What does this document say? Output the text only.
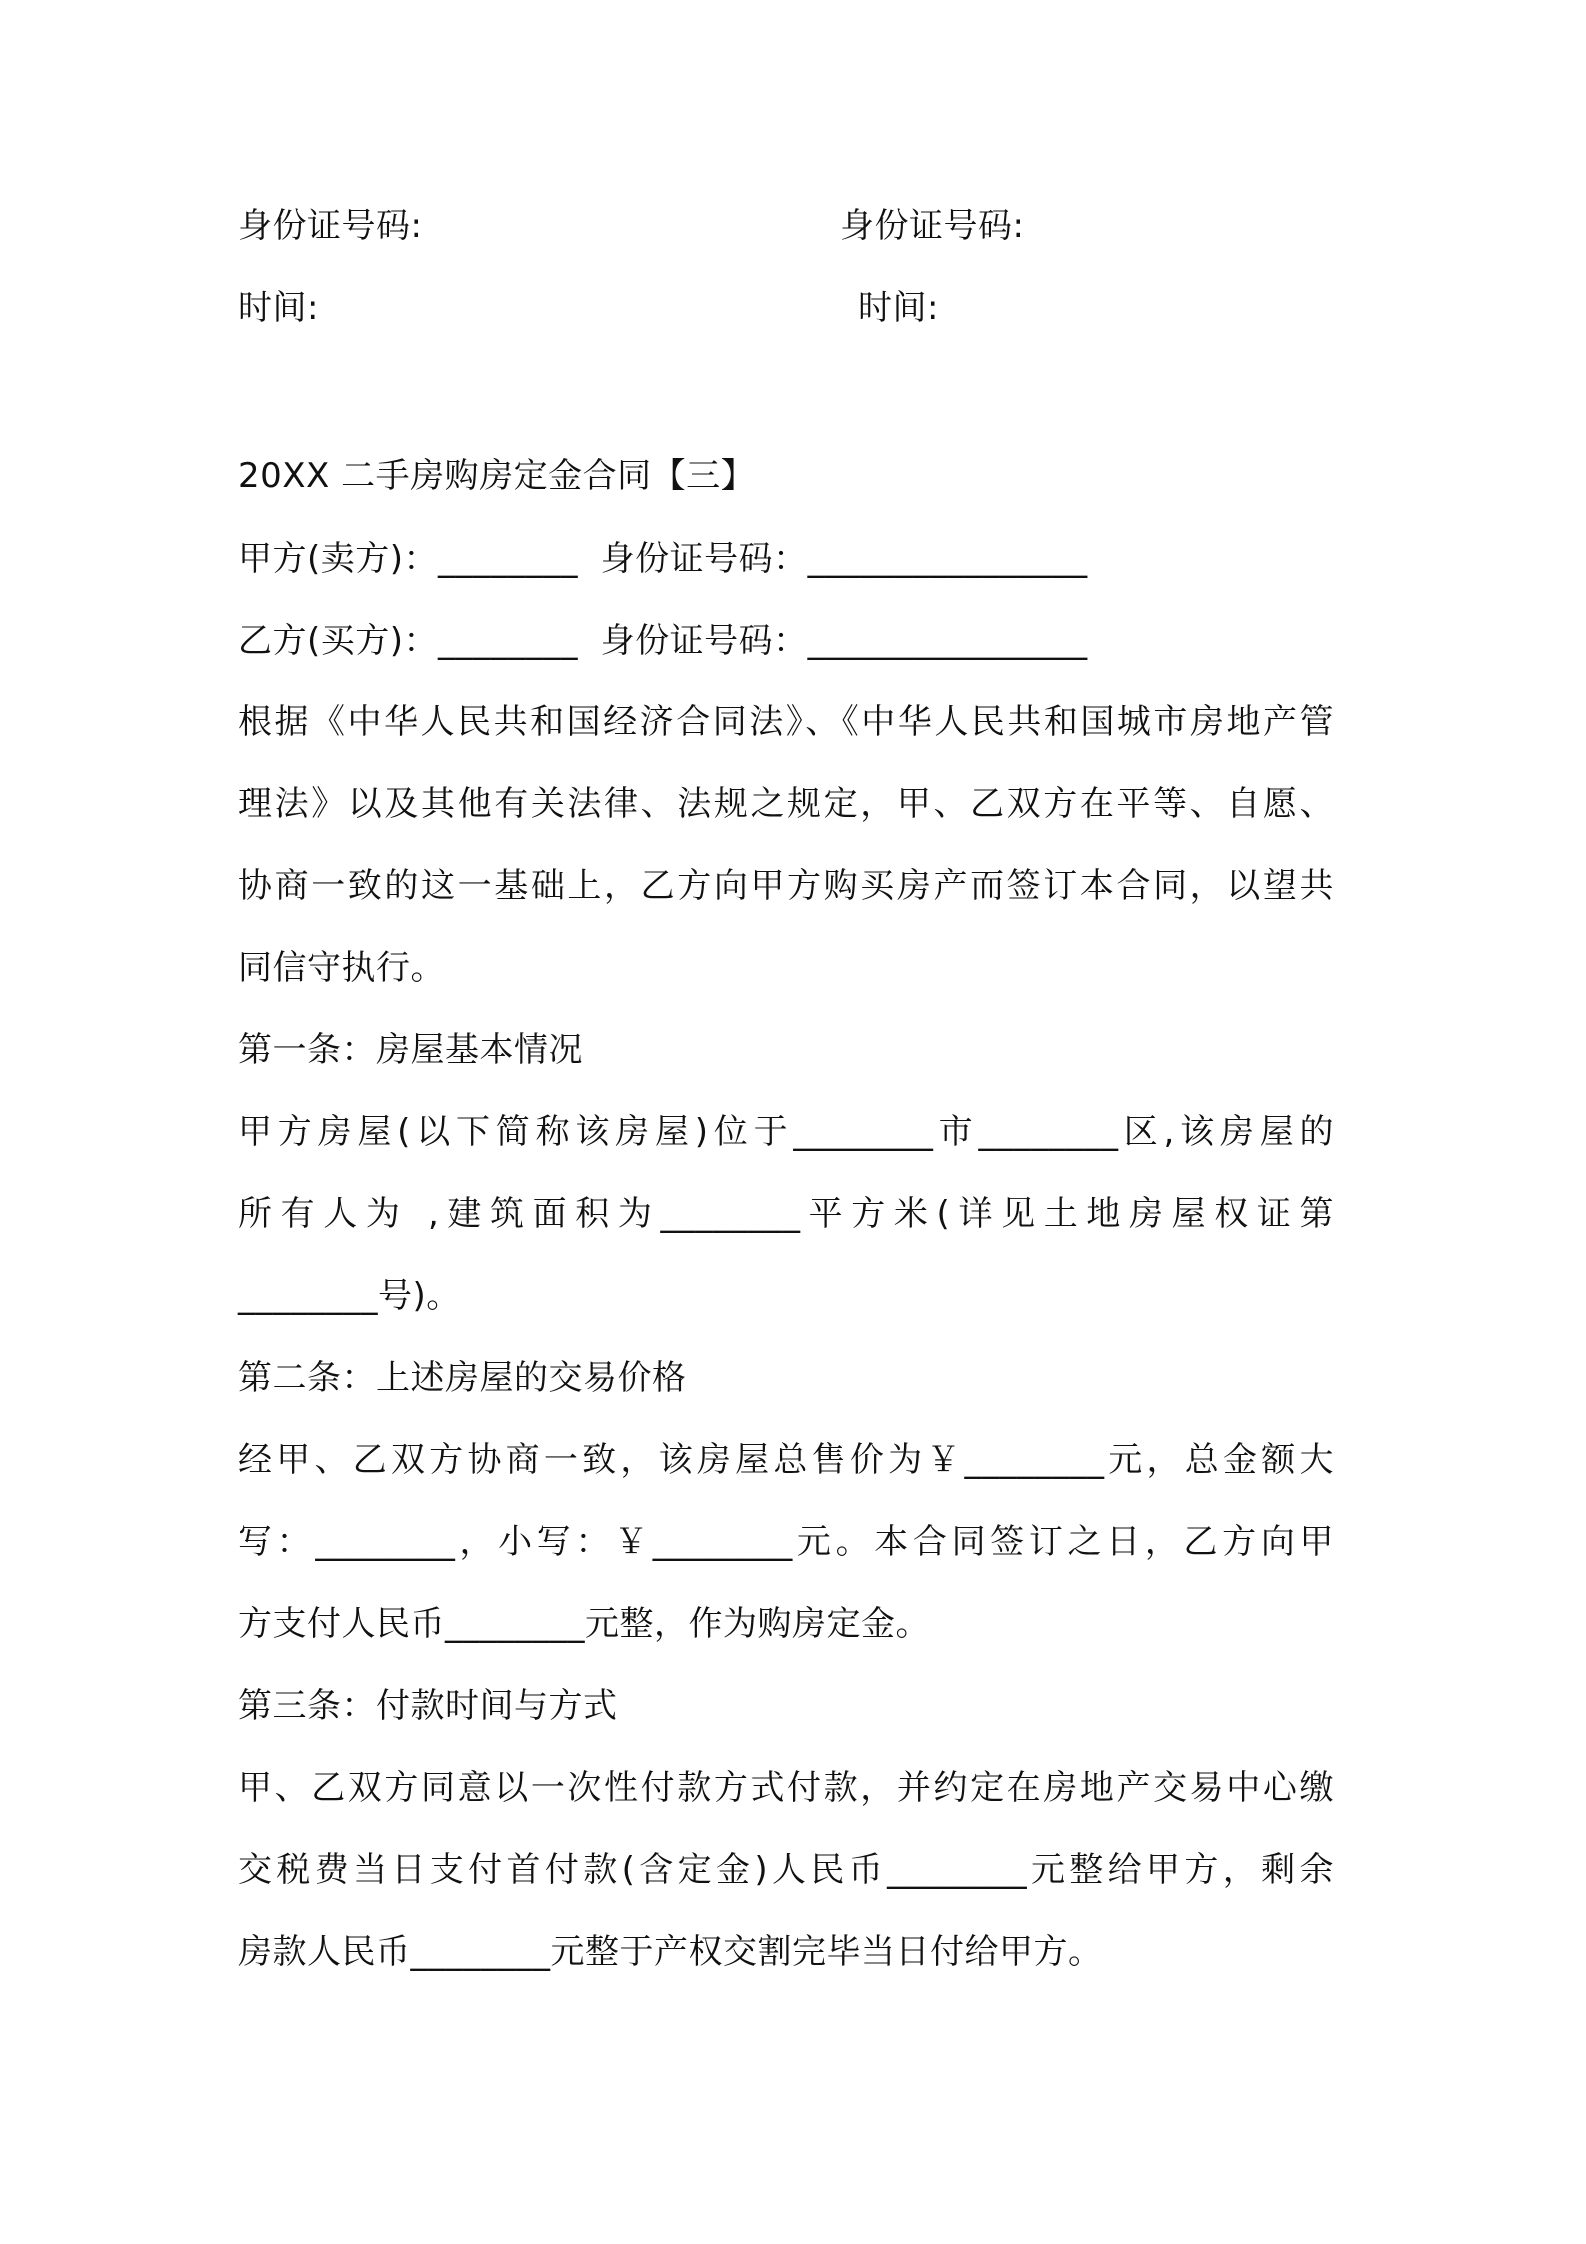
身份证号码:	身份证号码:
时间:	时间:
20XX 二手房购房定金合同【三】
甲方(卖方)：________  身份证号码：________________
乙方(买方)：________  身份证号码：________________
根据《中华人民共和国经济合同法》、《中华人民共和国城市房地产管
理法》以及其他有关法律、法规之规定，甲、乙双方在平等、自愿、
协商一致的这一基础上，乙方向甲方购买房产而签订本合同，以望共
同信守执行。
第一条：房屋基本情况
甲方房屋(以下简称该房屋)位于________市________区,该房屋的
所有人为 ,建筑面积为________平方米(详见土地房屋权证第
________号)。
第二条：上述房屋的交易价格
经甲、乙双方协商一致，该房屋总售价为￥________元，总金额大
写：________，小写：￥________元。本合同签订之日，乙方向甲
方支付人民币________元整，作为购房定金。
第三条：付款时间与方式
甲、乙双方同意以一次性付款方式付款，并约定在房地产交易中心缴
交税费当日支付首付款(含定金)人民币________元整给甲方，剩余
房款人民币________元整于产权交割完毕当日付给甲方。
